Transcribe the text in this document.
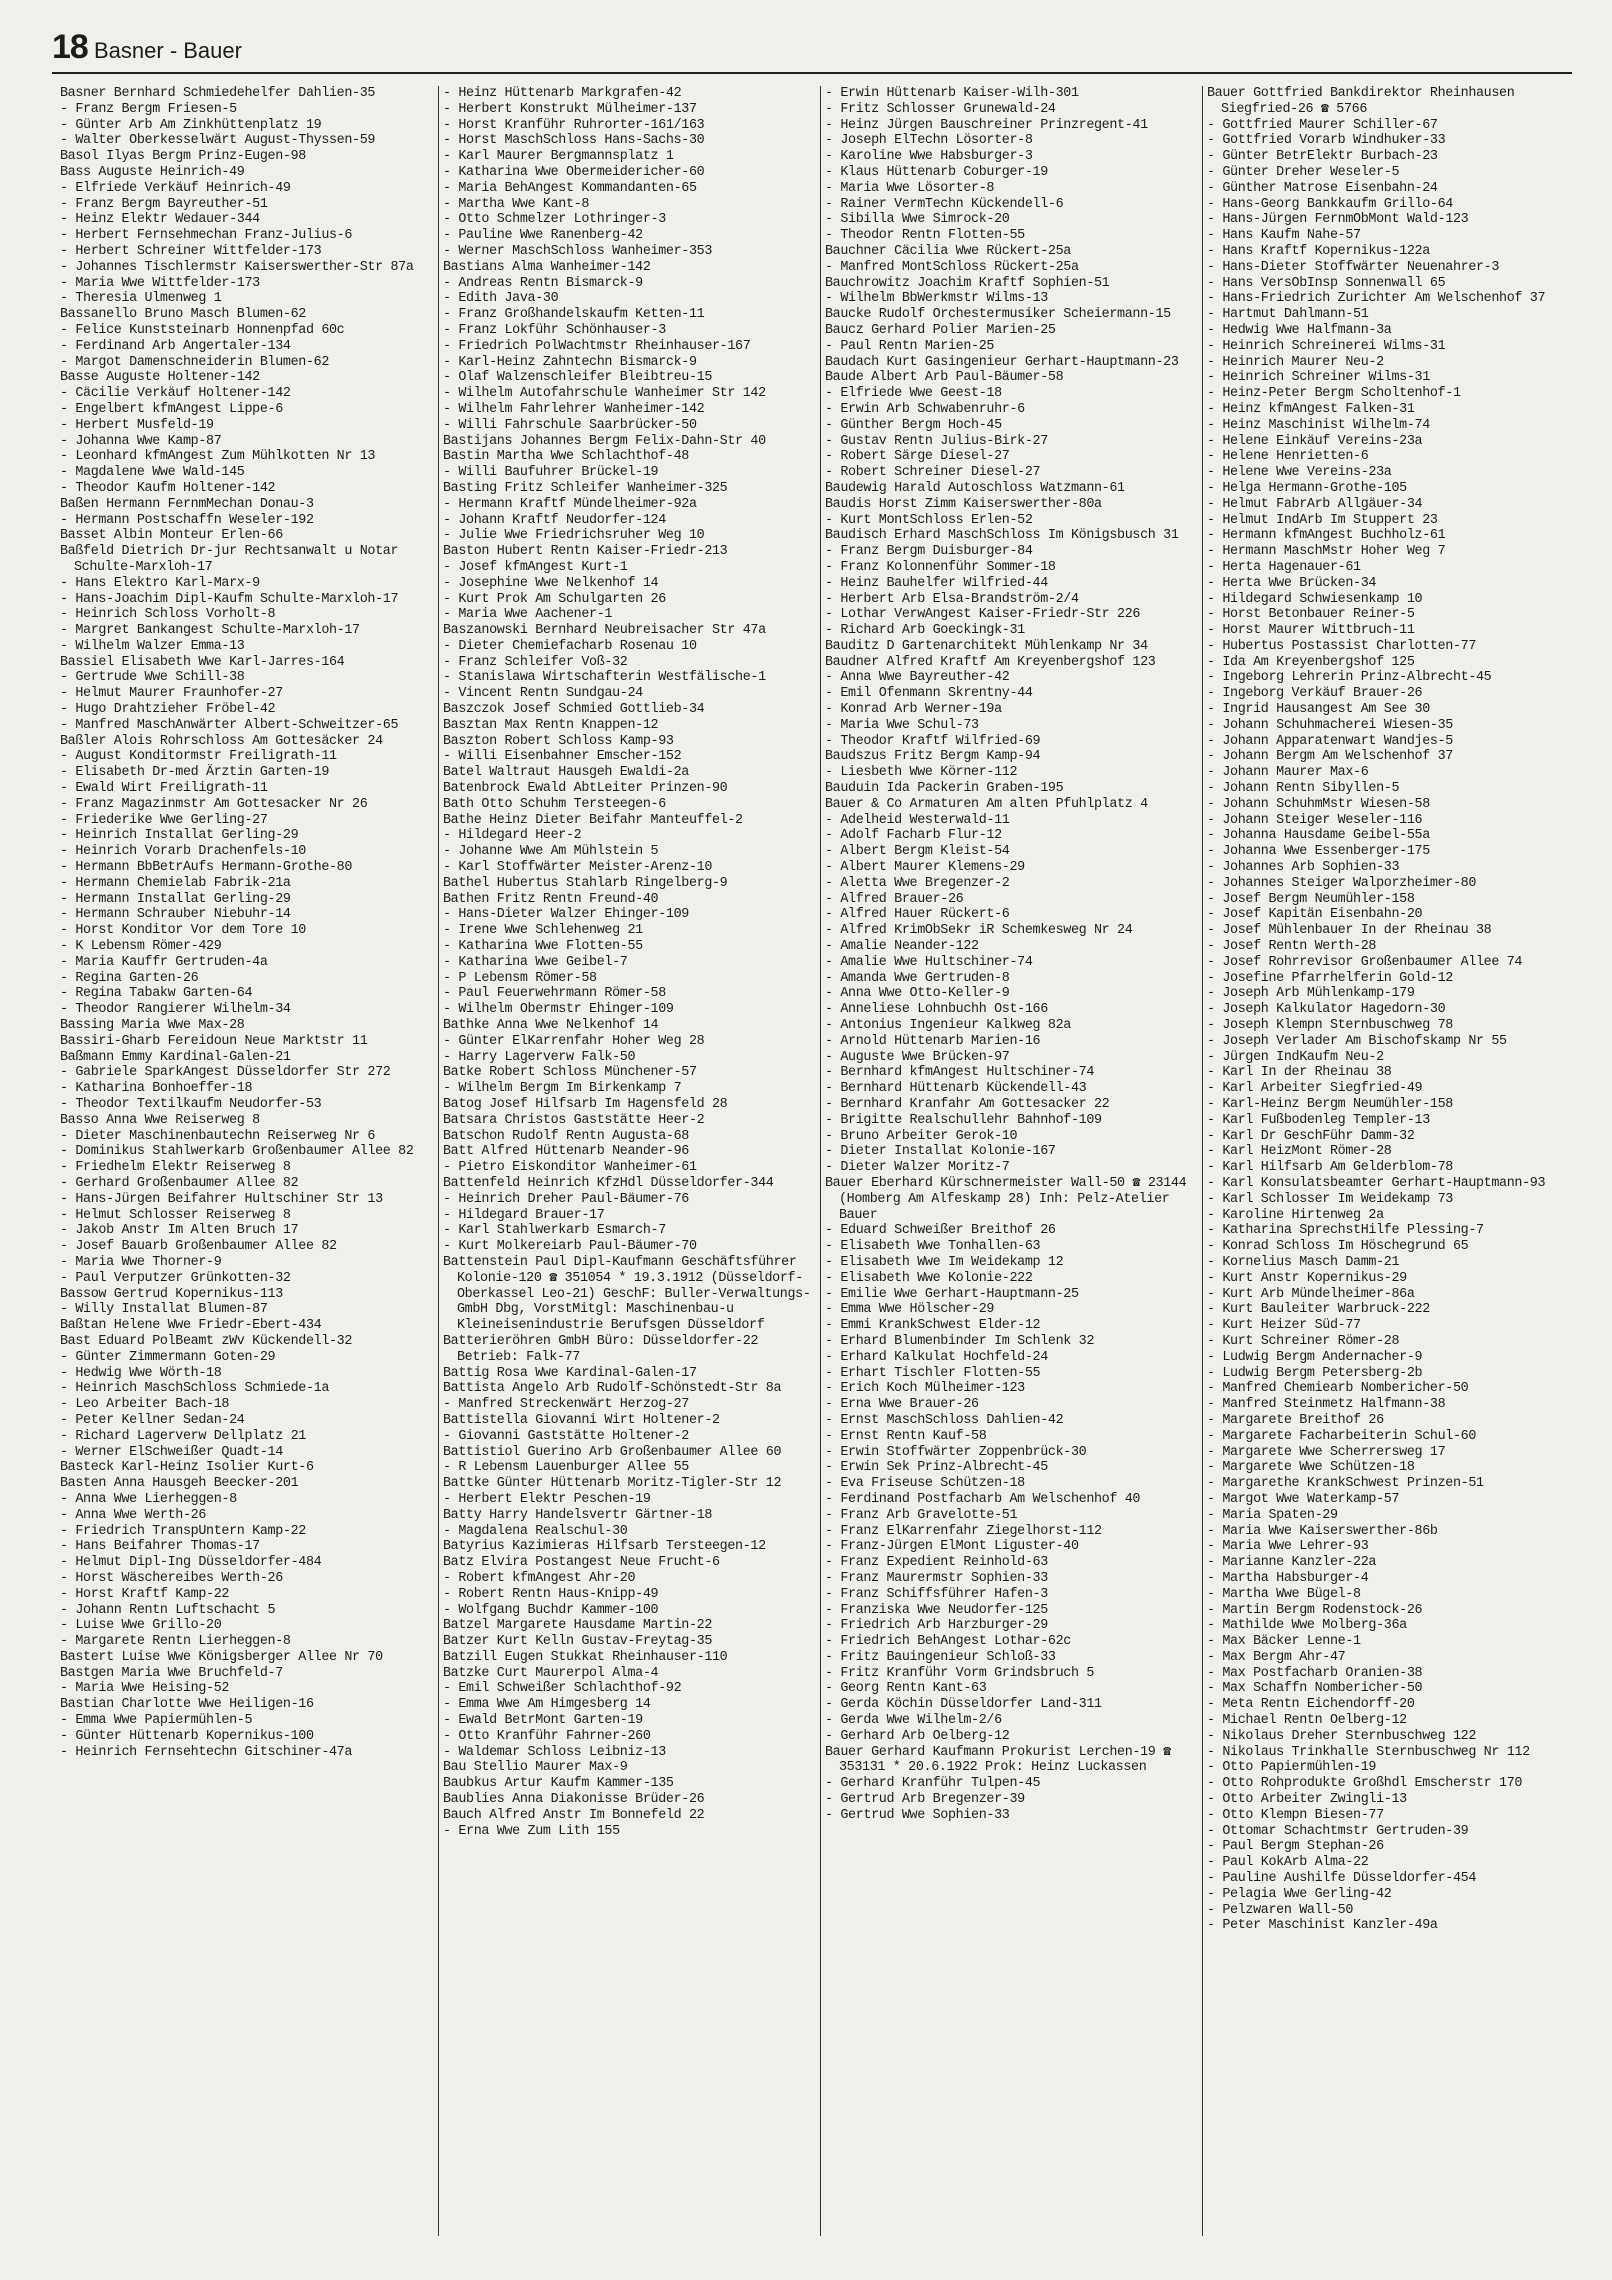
18 Basner - Bauer
Basner Bernhard Schmiedehelfer Dahlien-35
- Franz Bergm Friesen-5
- Günter Arb Am Zinkhüttenplatz 19
- Walter Oberkesselwärt August-Thyssen-59
Basol Ilyas Bergm Prinz-Eugen-98
Bass Auguste Heinrich-49
- Elfriede Verkäuf Heinrich-49
- Franz Bergm Bayreuther-51
- Heinz Elektr Wedauer-344
- Herbert Fernsehmechan Franz-Julius-6
- Herbert Schreiner Wittfelder-173
- Johannes Tischlermstr Kaiserswerther-Str 87a
- Maria Wwe Wittfelder-173
- Theresia Ulmenweg 1
Bassanello Bruno Masch Blumen-62
- Felice Kunststeinarb Honnenpfad 60c
- Ferdinand Arb Angertaler-134
- Margot Damenschneiderin Blumen-62
Basse Auguste Holtener-142
- Cäcilie Verkäuf Holtener-142
- Engelbert kfmAngest Lippe-6
- Herbert Musfeld-19
- Johanna Wwe Kamp-87
- Leonhard kfmAngest Zum Mühlkotten Nr 13
- Magdalene Wwe Wald-145
- Theodor Kaufm Holtener-142
Baßen Hermann FernmMechan Donau-3
- Hermann Postschaffn Weseler-192
Basset Albin Monteur Erlen-66
Baßfeld Dietrich Dr-jur Rechtsanwalt u Notar Schulte-Marxloh-17
- Hans Elektro Karl-Marx-9
- Hans-Joachim Dipl-Kaufm Schulte-Marxloh-17
- Heinrich Schloss Vorholt-8
- Margret Bankangest Schulte-Marxloh-17
- Wilhelm Walzer Emma-13
Bassiel Elisabeth Wwe Karl-Jarres-164
- Gertrude Wwe Schill-38
- Helmut Maurer Fraunhofer-27
- Hugo Drahtzieher Fröbel-42
- Manfred MaschAnwärter Albert-Schweitzer-65
Baßler Alois Rohrschloss Am Gottesäcker 24
- August Konditormstr Freiligrath-11
- Elisabeth Dr-med Ärztin Garten-19
- Ewald Wirt Freiligrath-11
- Franz Magazinmstr Am Gottesacker Nr 26
- Friederike Wwe Gerling-27
- Heinrich Installat Gerling-29
- Heinrich Vorarb Drachenfels-10
- Hermann BbBetrAufs Hermann-Grothe-80
- Hermann Chemielab Fabrik-21a
- Hermann Installat Gerling-29
- Hermann Schrauber Niebuhr-14
- Horst Konditor Vor dem Tore 10
- K Lebensm Römer-429
- Maria Kauffr Gertruden-4a
- Regina Garten-26
- Regina Tabakw Garten-64
- Theodor Rangierer Wilhelm-34
Bassing Maria Wwe Max-28
Bassiri-Gharb Fereidoun Neue Marktstr 11
Baßmann Emmy Kardinal-Galen-21
- Gabriele SparkAngest Düsseldorfer Str 272
- Katharina Bonhoeffer-18
- Theodor Textilkaufm Neudorfer-53
Basso Anna Wwe Reiserweg 8
- Dieter Maschinenbautechn Reiserweg Nr 6
- Dominikus Stahlwerkarb Großenbaumer Allee 82
- Friedhelm Elektr Reiserweg 8
- Gerhard Großenbaumer Allee 82
- Hans-Jürgen Beifahrer Hultschiner Str 13
- Helmut Schlosser Reiserweg 8
- Jakob Anstr Im Alten Bruch 17
- Josef Bauarb Großenbaumer Allee 82
- Maria Wwe Thorner-9
- Paul Verputzer Grünkotten-32
Bassow Gertrud Kopernikus-113
- Willy Installat Blumen-87
Baßtan Helene Wwe Friedr-Ebert-434
Bast Eduard PolBeamt zWv Kückendell-32
- Günter Zimmermann Goten-29
- Hedwig Wwe Wörth-18
- Heinrich MaschSchloss Schmiede-1a
- Leo Arbeiter Bach-18
- Peter Kellner Sedan-24
- Richard Lagerverw Dellplatz 21
- Werner ElSchweißer Quadt-14
Basteck Karl-Heinz Isolier Kurt-6
Basten Anna Hausgeh Beecker-201
- Anna Wwe Lierheggen-8
- Anna Wwe Werth-26
- Friedrich TranspUntern Kamp-22
- Hans Beifahrer Thomas-17
- Helmut Dipl-Ing Düsseldorfer-484
- Horst Wäschereibes Werth-26
- Horst Kraftf Kamp-22
- Johann Rentn Luftschacht 5
- Luise Wwe Grillo-20
- Margarete Rentn Lierheggen-8
Bastert Luise Wwe Königsberger Allee Nr 70
Bastgen Maria Wwe Bruchfeld-7
- Maria Wwe Heising-52
Bastian Charlotte Wwe Heiligen-16
- Emma Wwe Papiermühlen-5
- Günter Hüttenarb Kopernikus-100
- Heinrich Fernsehtechn Gitschiner-47a
- Heinz Hüttenarb Markgrafen-42
- Herbert Konstrukt Mülheimer-137
- Horst Kranführ Ruhrorter-161/163
- Horst MaschSchloss Hans-Sachs-30
- Karl Maurer Bergmannsplatz 1
- Katharina Wwe Obermeidericher-60
- Maria BehAngest Kommandanten-65
- Martha Wwe Kant-8
- Otto Schmelzer Lothringer-3
- Pauline Wwe Ranenberg-42
- Werner MaschSchloss Wanheimer-353
Bastians Alma Wanheimer-142
- Andreas Rentn Bismarck-9
- Edith Java-30
- Franz Großhandelskaufm Ketten-11
- Franz Lokführ Schönhauser-3
- Friedrich PolWachtmstr Rheinhauser-167
- Karl-Heinz Zahntechn Bismarck-9
- Olaf Walzenschleifer Bleibtreu-15
- Wilhelm Autofahrschule Wanheimer Str 142
- Wilhelm Fahrlehrer Wanheimer-142
- Willi Fahrschule Saarbrücker-50
Bastijans Johannes Bergm Felix-Dahn-Str 40
Bastin Martha Wwe Schlachthof-48
- Willi Baufuhrer Brückel-19
Basting Fritz Schleifer Wanheimer-325
- Hermann Kraftf Mündelheimer-92a
- Johann Kraftf Neudorfer-124
- Julie Wwe Friedrichsruher Weg 10
Baston Hubert Rentn Kaiser-Friedr-213
- Josef kfmAngest Kurt-1
- Josephine Wwe Nelkenhof 14
- Kurt Prok Am Schulgarten 26
- Maria Wwe Aachener-1
Baszanowski Bernhard Neubreisacher Str 47a
- Dieter Chemiefacharb Rosenau 10
- Franz Schleifer Voß-32
- Stanislawa Wirtschafterin Westfälische-1
- Vincent Rentn Sundgau-24
Baszczok Josef Schmied Gottlieb-34
Basztan Max Rentn Knappen-12
Baszton Robert Schloss Kamp-93
- Willi Eisenbahner Emscher-152
Batel Waltraut Hausgeh Ewaldi-2a
Batenbrock Ewald AbtLeiter Prinzen-90
Bath Otto Schuhm Tersteegen-6
Bathe Heinz Dieter Beifahr Manteuffel-2
- Hildegard Heer-2
- Johanne Wwe Am Mühlstein 5
- Karl Stoffwärter Meister-Arenz-10
Bathel Hubertus Stahlarb Ringelberg-9
Bathen Fritz Rentn Freund-40
- Hans-Dieter Walzer Ehinger-109
- Irene Wwe Schlehenweg 21
- Katharina Wwe Flotten-55
- Katharina Wwe Geibel-7
- P Lebensm Römer-58
- Paul Feuerwehrmann Römer-58
- Wilhelm Obermstr Ehinger-109
Bathke Anna Wwe Nelkenhof 14
- Günter ElKarrenfahr Hoher Weg 28
- Harry Lagerverw Falk-50
Batke Robert Schloss Münchener-57
- Wilhelm Bergm Im Birkenkamp 7
Batog Josef Hilfsarb Im Hagensfeld 28
Batsara Christos Gaststätte Heer-2
Batschon Rudolf Rentn Augusta-68
Batt Alfred Hüttenarb Neander-96
- Pietro Eiskonditor Wanheimer-61
Battenfeld Heinrich KfzHdl Düsseldorfer-344
- Heinrich Dreher Paul-Bäumer-76
- Hildegard Brauer-17
- Karl Stahlwerkarb Esmarch-7
- Kurt Molkereiarb Paul-Bäumer-70
Battenstein Paul Dipl-Kaufmann Geschäftsführer Kolonie-120 ☎ 351054 * 19.3.1912 (Düsseldorf-Oberkassel Leo-21) GeschF: Buller-Verwaltungs-GmbH Dbg, VorstMitgl: Maschinenbau-u Kleineisenindustrie Berufsgen Düsseldorf
Batterieröhren GmbH Büro: Düsseldorfer-22 Betrieb: Falk-77
Battig Rosa Wwe Kardinal-Galen-17
Battista Angelo Arb Rudolf-Schönstedt-Str 8a
- Manfred Streckenwärt Herzog-27
Battistella Giovanni Wirt Holtener-2
- Giovanni Gaststätte Holtener-2
Battistiol Guerino Arb Großenbaumer Allee 60
- R Lebensm Lauenburger Allee 55
Battke Günter Hüttenarb Moritz-Tigler-Str 12
- Herbert Elektr Peschen-19
Batty Harry Handelsvertr Gärtner-18
- Magdalena Realschul-30
Batyrius Kazimieras Hilfsarb Tersteegen-12
Batz Elvira Postangest Neue Frucht-6
- Robert kfmAngest Ahr-20
- Robert Rentn Haus-Knipp-49
- Wolfgang Buchdr Kammer-100
Batzel Margarete Hausdame Martin-22
Batzer Kurt Kelln Gustav-Freytag-35
Batzill Eugen Stukkat Rheinhauser-110
Batzke Curt Maurerpol Alma-4
- Emil Schweißer Schlachthof-92
- Emma Wwe Am Himgesberg 14
- Ewald BetrMont Garten-19
- Otto Kranführ Fahrner-260
- Waldemar Schloss Leibniz-13
Bau Stellio Maurer Max-9
Baubkus Artur Kaufm Kammer-135
Baublies Anna Diakonisse Brüder-26
Bauch Alfred Anstr Im Bonnefeld 22
- Erna Wwe Zum Lith 155
- Erwin Hüttenarb Kaiser-Wilh-301
- Fritz Schlosser Grunewald-24
- Heinz Jürgen Bauschreiner Prinzregent-41
- Joseph ElTechn Lösorter-8
- Karoline Wwe Habsburger-3
- Klaus Hüttenarb Coburger-19
- Maria Wwe Lösorter-8
- Rainer VermTechn Kückendell-6
- Sibilla Wwe Simrock-20
- Theodor Rentn Flotten-55
Bauchner Cäcilia Wwe Rückert-25a
- Manfred MontSchloss Rückert-25a
Bauchrowitz Joachim Kraftf Sophien-51
- Wilhelm BbWerkmstr Wilms-13
Baucke Rudolf Orchestermusiker Scheiermann-15
Baucz Gerhard Polier Marien-25
- Paul Rentn Marien-25
Baudach Kurt Gasingenieur Gerhart-Hauptmann-23
Baude Albert Arb Paul-Bäumer-58
- Elfriede Wwe Geest-18
- Erwin Arb Schwabenruhr-6
- Günther Bergm Hoch-45
- Gustav Rentn Julius-Birk-27
- Robert Särge Diesel-27
- Robert Schreiner Diesel-27
Baudewig Harald Autoschloss Watzmann-61
Baudis Horst Zimm Kaiserswerther-80a
- Kurt MontSchloss Erlen-52
Baudisch Erhard MaschSchloss Im Königsbusch 31
- Franz Bergm Duisburger-84
- Franz Kolonnenführ Sommer-18
- Heinz Bauhelfer Wilfried-44
- Herbert Arb Elsa-Brandström-2/4
- Lothar VerwAngest Kaiser-Friedr-Str 226
- Richard Arb Goeckingk-31
Bauditz D Gartenarchitekt Mühlenkamp Nr 34
Baudner Alfred Kraftf Am Kreyenbergshof 123
- Anna Wwe Bayreuther-42
- Emil Ofenmann Skrentny-44
- Konrad Arb Werner-19a
- Maria Wwe Schul-73
- Theodor Kraftf Wilfried-69
Baudszus Fritz Bergm Kamp-94
- Liesbeth Wwe Körner-112
Bauduin Ida Packerin Graben-195
Bauer & Co Armaturen Am alten Pfuhlplatz 4
- Adelheid Westerwald-11
- Adolf Facharb Flur-12
- Albert Bergm Kleist-54
- Albert Maurer Klemens-29
- Aletta Wwe Bregenzer-2
- Alfred Brauer-26
- Alfred Hauer Rückert-6
- Alfred KrimObSekr iR Schemkesweg Nr 24
- Amalie Neander-122
- Amalie Wwe Hultschiner-74
- Amanda Wwe Gertruden-8
- Anna Wwe Otto-Keller-9
- Anneliese Lohnbuchh Ost-166
- Antonius Ingenieur Kalkweg 82a
- Arnold Hüttenarb Marien-16
- Auguste Wwe Brücken-97
- Bernhard kfmAngest Hultschiner-74
- Bernhard Hüttenarb Kückendell-43
- Bernhard Kranfahr Am Gottesacker 22
- Brigitte Realschullehr Bahnhof-109
- Bruno Arbeiter Gerok-10
- Dieter Installat Kolonie-167
- Dieter Walzer Moritz-7
Bauer Eberhard Kürschnermeister Wall-50 ☎ 23144 (Homberg Am Alfeskamp 28) Inh: Pelz-Atelier Bauer
- Eduard Schweißer Breithof 26
- Elisabeth Wwe Tonhallen-63
- Elisabeth Wwe Im Weidekamp 12
- Elisabeth Wwe Kolonie-222
- Emilie Wwe Gerhart-Hauptmann-25
- Emma Wwe Hölscher-29
- Emmi KrankSchwest Elder-12
- Erhard Blumenbinder Im Schlenk 32
- Erhard Kalkulat Hochfeld-24
- Erhart Tischler Flotten-55
- Erich Koch Mülheimer-123
- Erna Wwe Brauer-26
- Ernst MaschSchloss Dahlien-42
- Ernst Rentn Kauf-58
- Erwin Stoffwärter Zoppenbrück-30
- Erwin Sek Prinz-Albrecht-45
- Eva Friseuse Schützen-18
- Ferdinand Postfacharb Am Welschenhof 40
- Franz Arb Gravelotte-51
- Franz ElKarrenfahr Ziegelhorst-112
- Franz-Jürgen ElMont Liguster-40
- Franz Expedient Reinhold-63
- Franz Maurermstr Sophien-33
- Franz Schiffsführer Hafen-3
- Franziska Wwe Neudorfer-125
- Friedrich Arb Harzburger-29
- Friedrich BehAngest Lothar-62c
- Fritz Bauingenieur Schloß-33
- Fritz Kranführ Vorm Grindsbruch 5
- Georg Rentn Kant-63
- Gerda Köchin Düsseldorfer Land-311
- Gerda Wwe Wilhelm-2/6
- Gerhard Arb Oelberg-12
Bauer Gerhard Kaufmann Prokurist Lerchen-19 ☎ 353131 * 20.6.1922 Prok: Heinz Luckassen
- Gerhard Kranführ Tulpen-45
- Gertrud Arb Bregenzer-39
- Gertrud Wwe Sophien-33
Bauer Gottfried Bankdirektor Rheinhausen Siegfried-26 ☎ 5766
- Gottfried Maurer Schiller-67
- Gottfried Vorarb Windhuker-33
- Günter BetrElektr Burbach-23
- Günter Dreher Weseler-5
- Günther Matrose Eisenbahn-24
- Hans-Georg Bankkaufm Grillo-64
- Hans-Jürgen FernmObMont Wald-123
- Hans Kaufm Nahe-57
- Hans Kraftf Kopernikus-122a
- Hans-Dieter Stoffwärter Neuenahrer-3
- Hans VersObInsp Sonnenwall 65
- Hans-Friedrich Zurichter Am Welschenhof 37
- Hartmut Dahlmann-51
- Hedwig Wwe Halfmann-3a
- Heinrich Schreinerei Wilms-31
- Heinrich Maurer Neu-2
- Heinrich Schreiner Wilms-31
- Heinz-Peter Bergm Scholtenhof-1
- Heinz kfmAngest Falken-31
- Heinz Maschinist Wilhelm-74
- Helene Einkäuf Vereins-23a
- Helene Henrietten-6
- Helene Wwe Vereins-23a
- Helga Hermann-Grothe-105
- Helmut FabrArb Allgäuer-34
- Helmut IndArb Im Stuppert 23
- Hermann kfmAngest Buchholz-61
- Hermann MaschMstr Hoher Weg 7
- Herta Hagenauer-61
- Herta Wwe Brücken-34
- Hildegard Schwiesenkamp 10
- Horst Betonbauer Reiner-5
- Horst Maurer Wittbruch-11
- Hubertus Postassist Charlotten-77
- Ida Am Kreyenbergshof 125
- Ingeborg Lehrerin Prinz-Albrecht-45
- Ingeborg Verkäuf Brauer-26
- Ingrid Hausangest Am See 30
- Johann Schuhmacherei Wiesen-35
- Johann Apparatenwart Wandjes-5
- Johann Bergm Am Welschenhof 37
- Johann Maurer Max-6
- Johann Rentn Sibyllen-5
- Johann SchuhmMstr Wiesen-58
- Johann Steiger Weseler-116
- Johanna Hausdame Geibel-55a
- Johanna Wwe Essenberger-175
- Johannes Arb Sophien-33
- Johannes Steiger Walporzheimer-80
- Josef Bergm Neumühler-158
- Josef Kapitän Eisenbahn-20
- Josef Mühlenbauer In der Rheinau 38
- Josef Rentn Werth-28
- Josef Rohrrevisor Großenbaumer Allee 74
- Josefine Pfarrhelferin Gold-12
- Joseph Arb Mühlenkamp-179
- Joseph Kalkulator Hagedorn-30
- Joseph Klempn Sternbuschweg 78
- Joseph Verlader Am Bischofskamp Nr 55
- Jürgen IndKaufm Neu-2
- Karl In der Rheinau 38
- Karl Arbeiter Siegfried-49
- Karl-Heinz Bergm Neumühler-158
- Karl Fußbodenleg Templer-13
- Karl Dr GeschFühr Damm-32
- Karl HeizMont Römer-28
- Karl Hilfsarb Am Gelderblom-78
- Karl Konsulatsbeamter Gerhart-Hauptmann-93
- Karl Schlosser Im Weidekamp 73
- Karoline Hirtenweg 2a
- Katharina SprechstHilfe Plessing-7
- Konrad Schloss Im Höschegrund 65
- Kornelius Masch Damm-21
- Kurt Anstr Kopernikus-29
- Kurt Arb Mündelheimer-86a
- Kurt Bauleiter Warbruck-222
- Kurt Heizer Süd-77
- Kurt Schreiner Römer-28
- Ludwig Bergm Andernacher-9
- Ludwig Bergm Petersberg-2b
- Manfred Chemiearb Nombericher-50
- Manfred Steinmetz Halfmann-38
- Margarete Breithof 26
- Margarete Facharbeiterin Schul-60
- Margarete Wwe Scherrersweg 17
- Margarete Wwe Schützen-18
- Margarethe KrankSchwest Prinzen-51
- Margot Wwe Waterkamp-57
- Maria Spaten-29
- Maria Wwe Kaiserswerther-86b
- Maria Wwe Lehrer-93
- Marianne Kanzler-22a
- Martha Habsburger-4
- Martha Wwe Bügel-8
- Martin Bergm Rodenstock-26
- Mathilde Wwe Molberg-36a
- Max Bäcker Lenne-1
- Max Bergm Ahr-47
- Max Postfacharb Oranien-38
- Max Schaffn Nombericher-50
- Meta Rentn Eichendorff-20
- Michael Rentn Oelberg-12
- Nikolaus Dreher Sternbuschweg 122
- Nikolaus Trinkhalle Sternbuschweg Nr 112
- Otto Papiermühlen-19
- Otto Rohprodukte Großhdl Emscherstr 170
- Otto Arbeiter Zwingli-13
- Otto Klempn Biesen-77
- Ottomar Schachtmstr Gertruden-39
- Paul Bergm Stephan-26
- Paul KokArb Alma-22
- Pauline Aushilfe Düsseldorfer-454
- Pelagia Wwe Gerling-42
- Pelzwaren Wall-50
- Peter Maschinist Kanzler-49a
